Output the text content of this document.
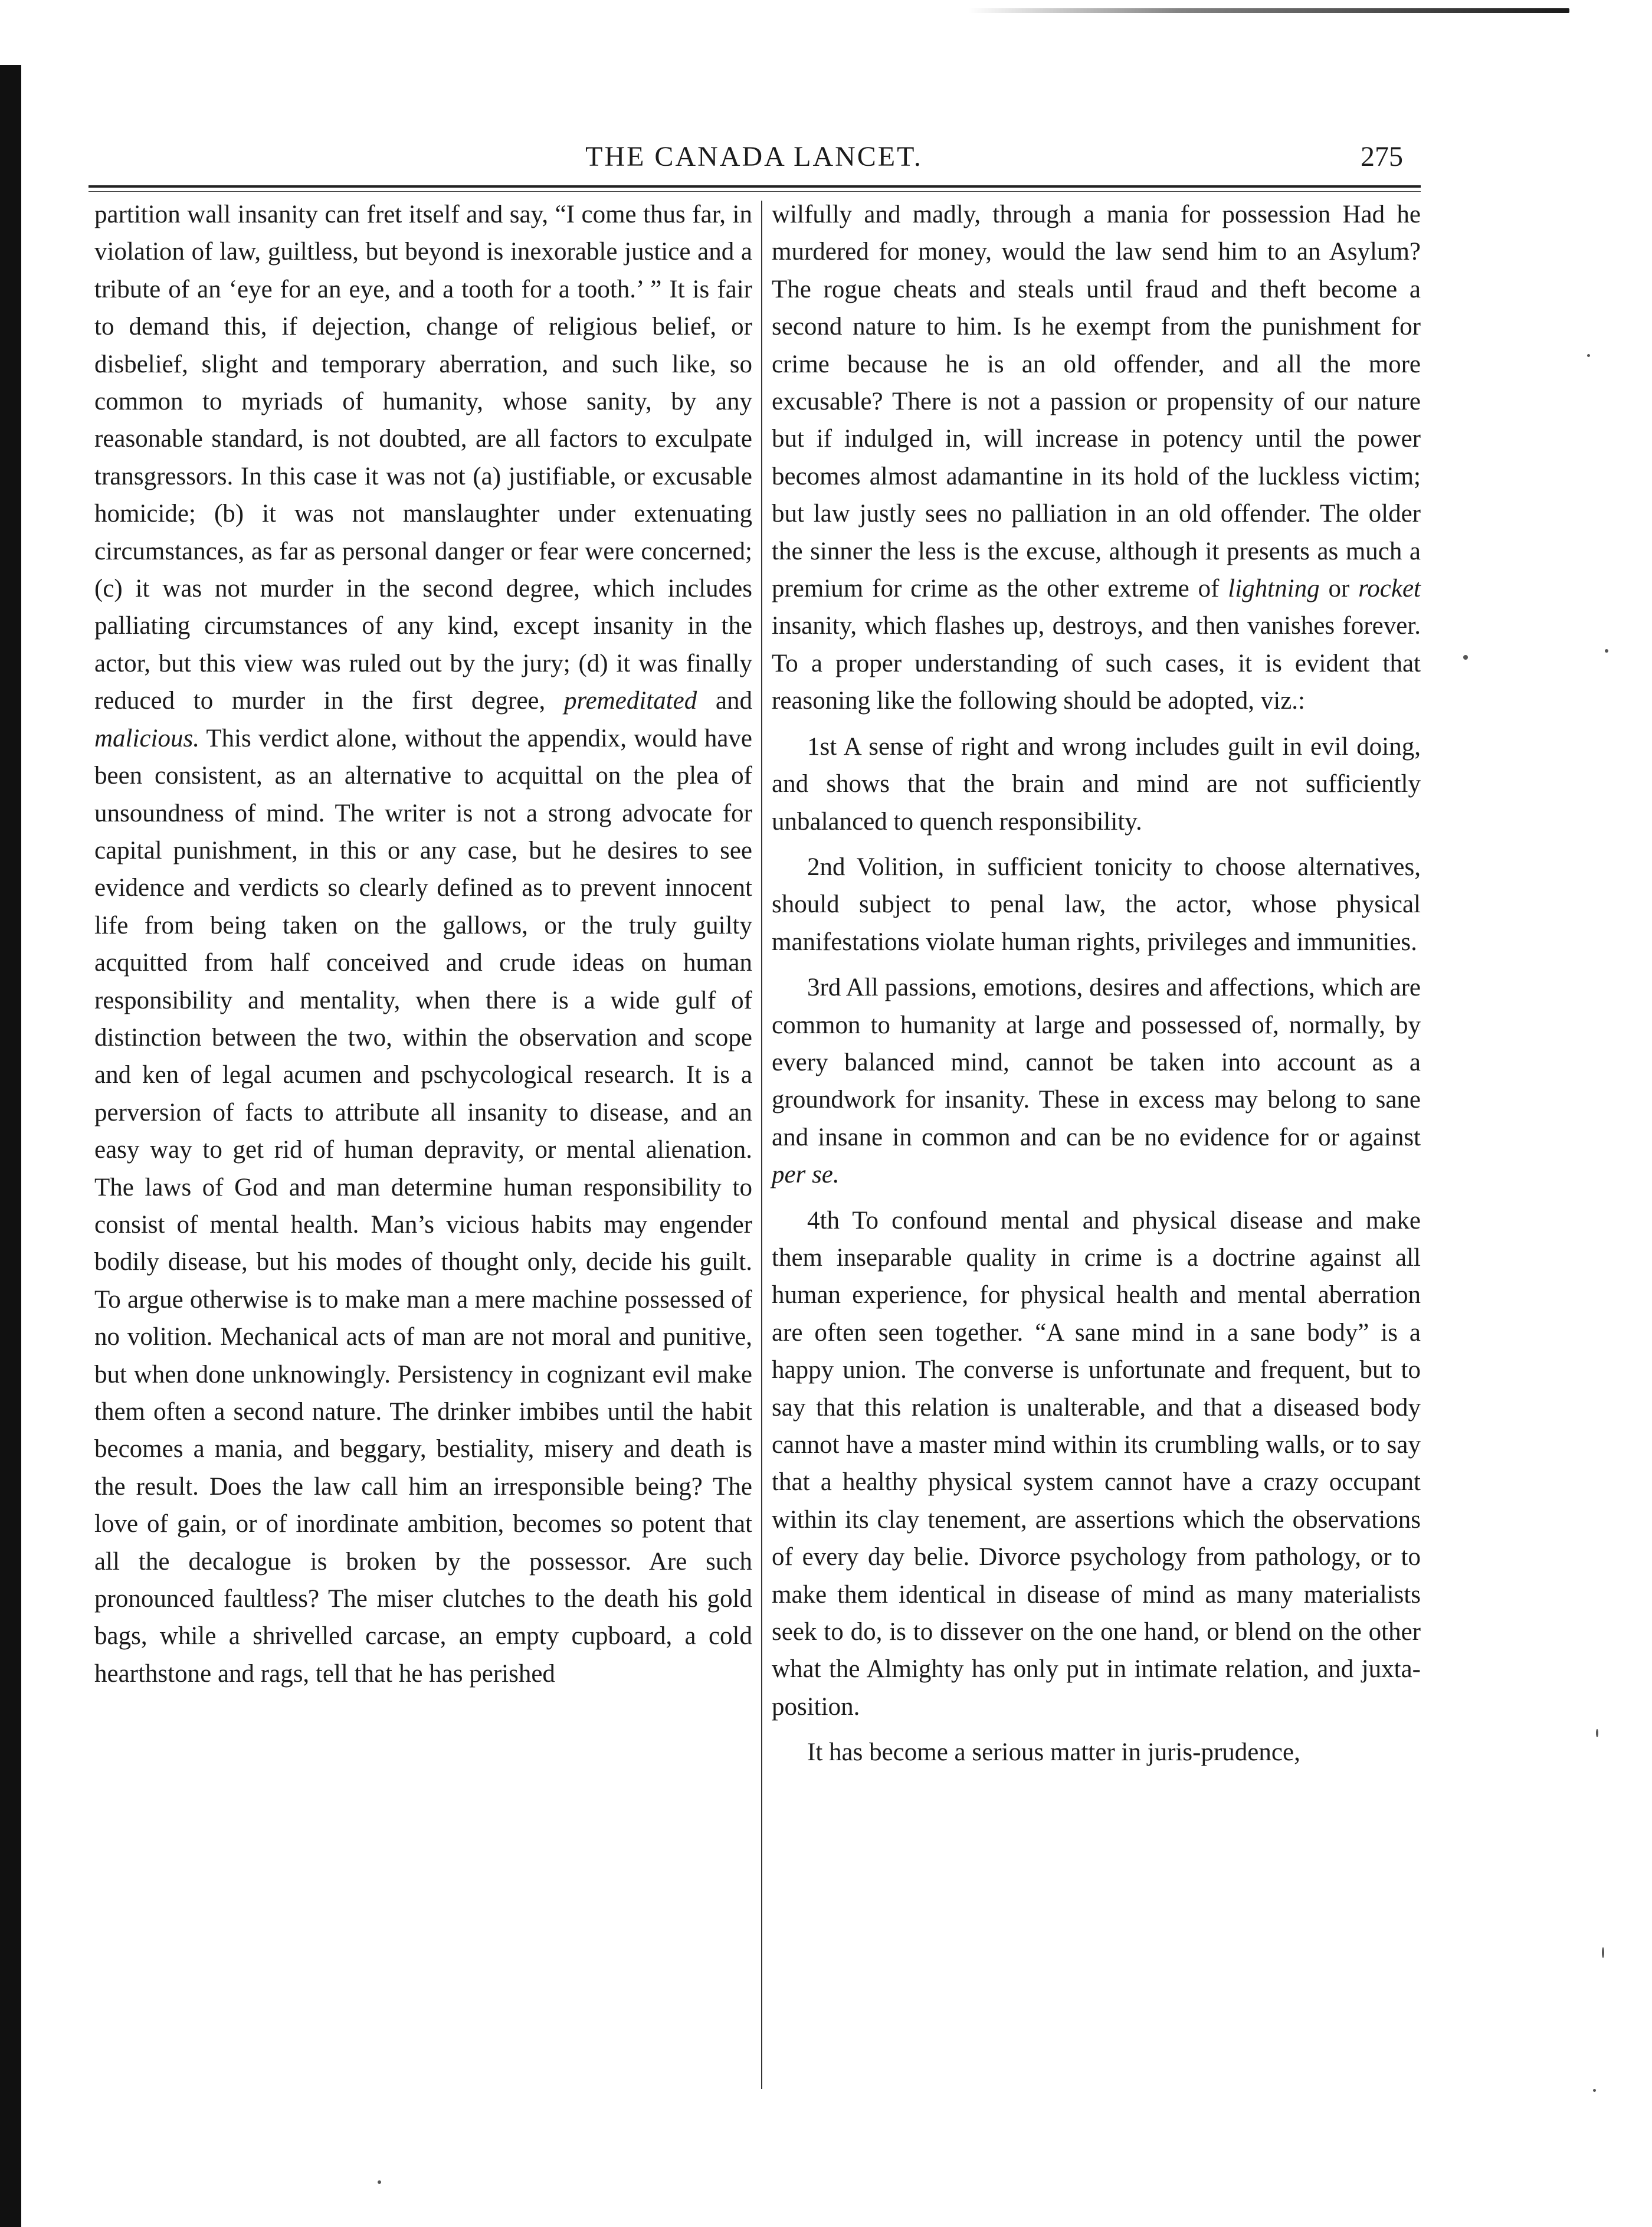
THE CANADA LANCET.	275

partition wall insanity can fret itself and say, “I come thus far, in violation of law, guiltless, but beyond is inexorable justice and a tribute of an ‘eye for an eye, and a tooth for a tooth.’ ” It is fair to demand this, if dejection, change of religious belief, or disbelief, slight and temporary aberration, and such like, so common to myriads of humanity, whose sanity, by any reasonable standard, is not doubted, are all factors to exculpate transgressors. In this case it was not (a) justifiable, or excusable homicide; (b) it was not manslaughter under extenuating circumstances, as far as personal danger or fear were concerned; (c) it was not murder in the second degree, which includes palliating circumstances of any kind, except insanity in the actor, but this view was ruled out by the jury; (d) it was finally reduced to murder in the first degree, premeditated and malicious. This verdict alone, without the appendix, would have been consistent, as an alternative to acquittal on the plea of unsoundness of mind. The writer is not a strong advocate for capital punishment, in this or any case, but he desires to see evidence and verdicts so clearly defined as to prevent innocent life from being taken on the gallows, or the truly guilty acquitted from half conceived and crude ideas on human responsibility and mentality, when there is a wide gulf of distinction between the two, within the observation and scope and ken of legal acumen and pschycological research. It is a perversion of facts to attribute all insanity to disease, and an easy way to get rid of human depravity, or mental alienation. The laws of God and man determine human responsibility to consist of mental health. Man’s vicious habits may engender bodily disease, but his modes of thought only, decide his guilt. To argue otherwise is to make man a mere machine possessed of no volition. Mechanical acts of man are not moral and punitive, but when done unknowingly. Persistency in cognizant evil make them often a second nature. The drinker imbibes until the habit becomes a mania, and beggary, bestiality, misery and death is the result. Does the law call him an irresponsible being? The love of gain, or of inordinate ambition, becomes so potent that all the decalogue is broken by the possessor. Are such pronounced faultless? The miser clutches to the death his gold bags, while a shrivelled carcase, an empty cupboard, a cold hearthstone and rags, tell that he has perished

wilfully and madly, through a mania for possession Had he murdered for money, would the law send him to an Asylum? The rogue cheats and steals until fraud and theft become a second nature to him. Is he exempt from the punishment for crime because he is an old offender, and all the more excusable? There is not a passion or propensity of our nature but if indulged in, will increase in potency until the power becomes almost adamantine in its hold of the luckless victim; but law justly sees no palliation in an old offender. The older the sinner the less is the excuse, although it presents as much a premium for crime as the other extreme of lightning or rocket insanity, which flashes up, destroys, and then vanishes forever. To a proper understanding of such cases, it is evident that reasoning like the following should be adopted, viz.:

1st A sense of right and wrong includes guilt in evil doing, and shows that the brain and mind are not sufficiently unbalanced to quench responsibility.

2nd Volition, in sufficient tonicity to choose alternatives, should subject to penal law, the actor, whose physical manifestations violate human rights, privileges and immunities.

3rd All passions, emotions, desires and affections, which are common to humanity at large and possessed of, normally, by every balanced mind, cannot be taken into account as a groundwork for insanity. These in excess may belong to sane and insane in common and can be no evidence for or against per se.

4th To confound mental and physical disease and make them inseparable quality in crime is a doctrine against all human experience, for physical health and mental aberration are often seen together. “A sane mind in a sane body” is a happy union. The converse is unfortunate and frequent, but to say that this relation is unalterable, and that a diseased body cannot have a master mind within its crumbling walls, or to say that a healthy physical system cannot have a crazy occupant within its clay tenement, are assertions which the observations of every day belie. Divorce psychology from pathology, or to make them identical in disease of mind as many materialists seek to do, is to dissever on the one hand, or blend on the other what the Almighty has only put in intimate relation, and juxta-position.

It has become a serious matter in juris-prudence,
